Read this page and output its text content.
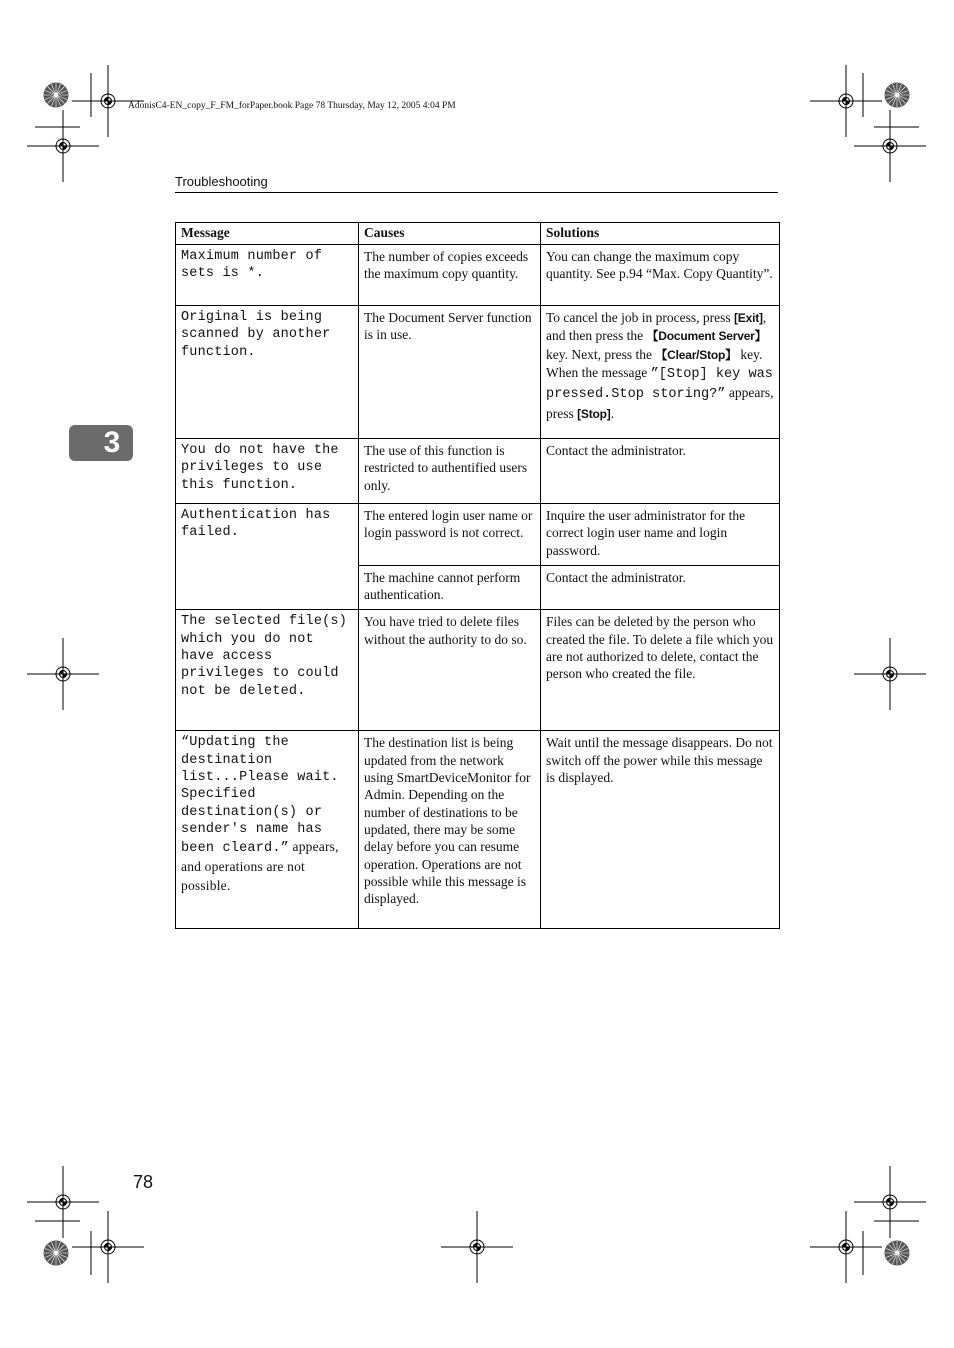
AdonisC4-EN_copy_F_FM_forPaper.book Page 78 Thursday, May 12, 2005 4:04 PM
Troubleshooting
3
Message	Causes	Solutions
Maximum number of sets is *.	The number of copies exceeds the maximum copy quantity.	You can change the maximum copy quantity. See p.94 “Max. Copy Quantity”.
Original is being scanned by another function.	The Document Server function is in use.	To cancel the job in process, press [Exit], and then press the 【Document Server】 key. Next, press the 【Clear/Stop】 key. When the message ”[Stop] key was pressed.Stop storing?” appears, press [Stop].
You do not have the privileges to use this function.	The use of this function is restricted to authentified users only.	Contact the administrator.
Authentication has failed.	The entered login user name or login password is not correct.	Inquire the user administrator for the correct login user name and login password.
	The machine cannot perform authentication.	Contact the administrator.
The selected file(s) which you do not have access privileges to could not be deleted.	You have tried to delete files without the authority to do so.	Files can be deleted by the person who created the file. To delete a file which you are not authorized to delete, contact the person who created the file.
“Updating the destination list...Please wait. Specified destination(s) or sender's name has been cleard.” appears, and operations are not possible.	The destination list is being updated from the network using SmartDeviceMonitor for Admin. Depending on the number of destinations to be updated, there may be some delay before you can resume operation. Operations are not possible while this message is displayed.	Wait until the message disappears. Do not switch off the power while this message is displayed.
78
